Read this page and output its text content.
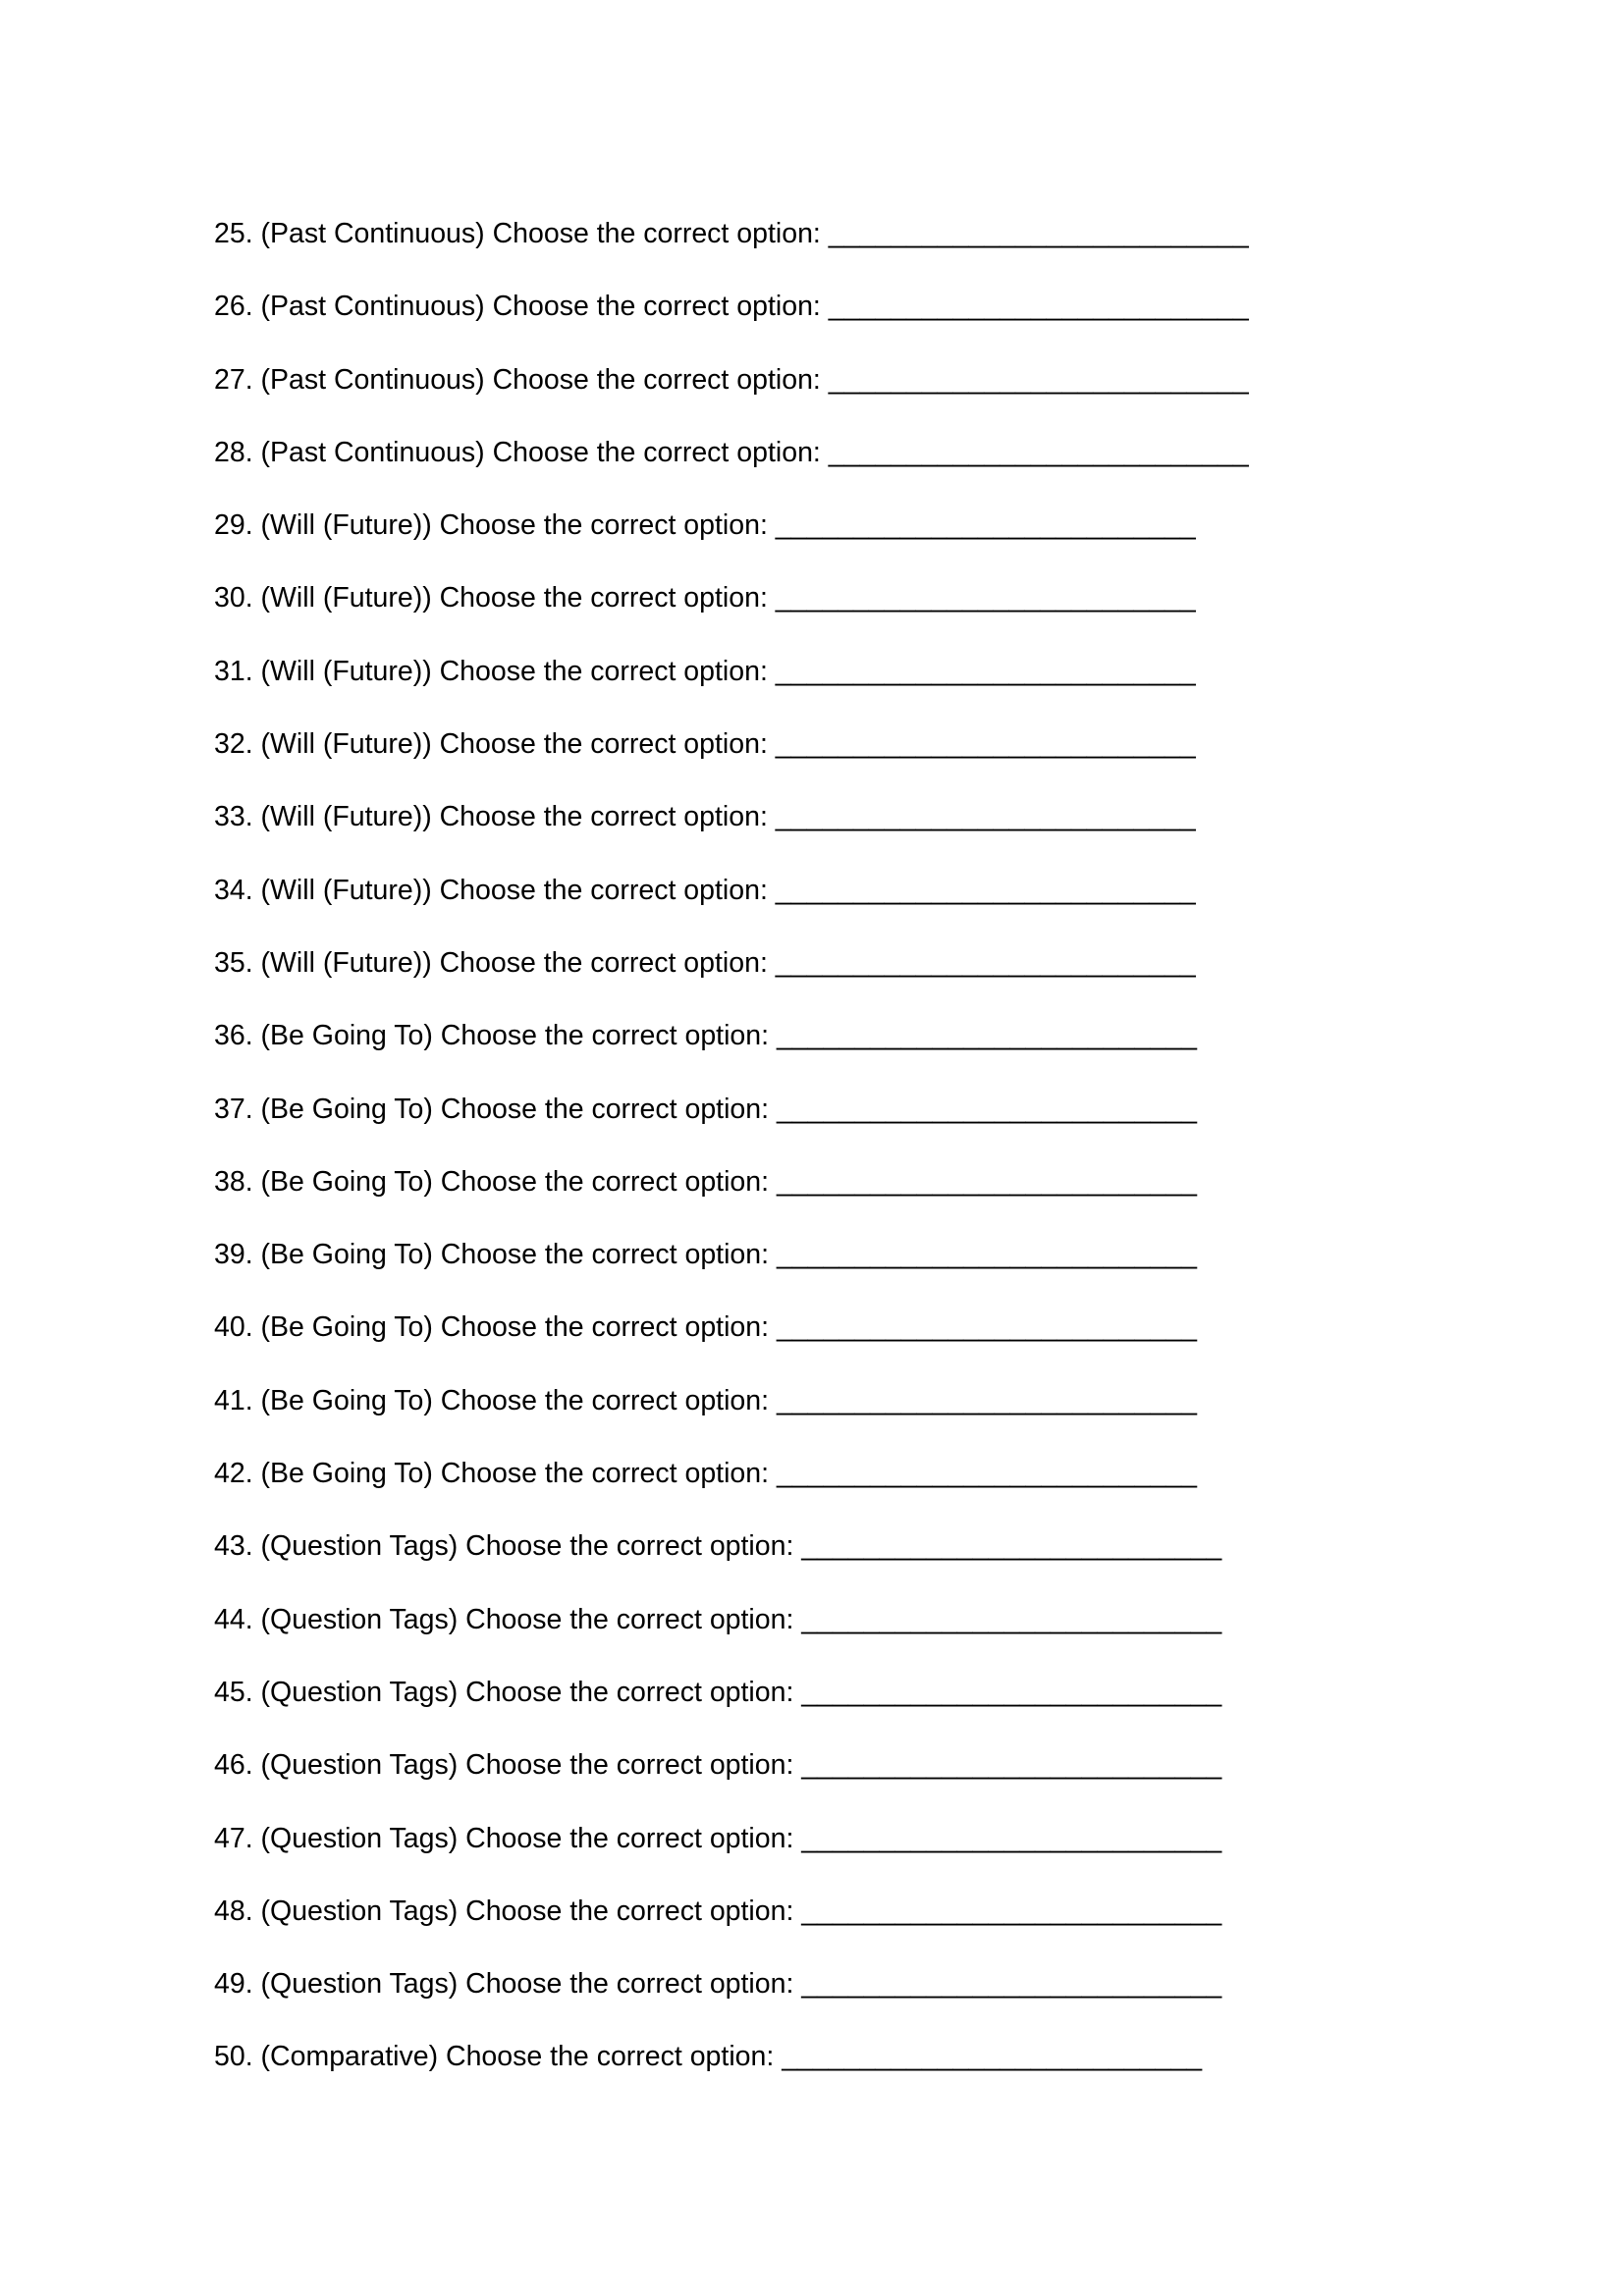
25. (Past Continuous) Choose the correct option: ___________________________
26. (Past Continuous) Choose the correct option: ___________________________
27. (Past Continuous) Choose the correct option: ___________________________
28. (Past Continuous) Choose the correct option: ___________________________
29. (Will (Future)) Choose the correct option: ___________________________
30. (Will (Future)) Choose the correct option: ___________________________
31. (Will (Future)) Choose the correct option: ___________________________
32. (Will (Future)) Choose the correct option: ___________________________
33. (Will (Future)) Choose the correct option: ___________________________
34. (Will (Future)) Choose the correct option: ___________________________
35. (Will (Future)) Choose the correct option: ___________________________
36. (Be Going To) Choose the correct option: ___________________________
37. (Be Going To) Choose the correct option: ___________________________
38. (Be Going To) Choose the correct option: ___________________________
39. (Be Going To) Choose the correct option: ___________________________
40. (Be Going To) Choose the correct option: ___________________________
41. (Be Going To) Choose the correct option: ___________________________
42. (Be Going To) Choose the correct option: ___________________________
43. (Question Tags) Choose the correct option: ___________________________
44. (Question Tags) Choose the correct option: ___________________________
45. (Question Tags) Choose the correct option: ___________________________
46. (Question Tags) Choose the correct option: ___________________________
47. (Question Tags) Choose the correct option: ___________________________
48. (Question Tags) Choose the correct option: ___________________________
49. (Question Tags) Choose the correct option: ___________________________
50. (Comparative) Choose the correct option: ___________________________
